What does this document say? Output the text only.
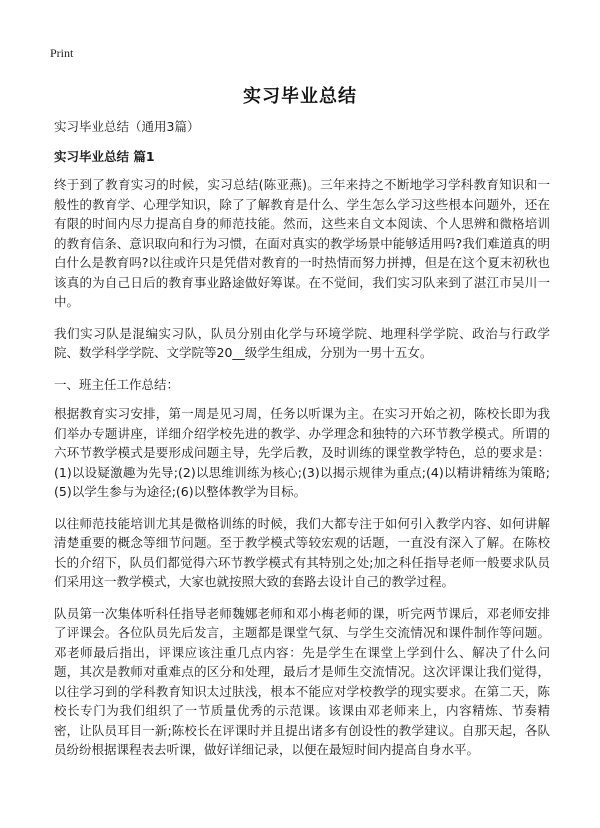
Print
实习毕业总结

实习毕业总结（通用3篇）

实习毕业总结 篇1

终于到了教育实习的时候，实习总结(陈亚燕)。三年来持之不断地学习学科教育知识和一般性的教育学、心理学知识，除了了解教育是什么、学生怎么学习这些根本问题外，还在有限的时间内尽力提高自身的师范技能。然而，这些来自文本阅读、个人思辨和微格培训的教育信条、意识取向和行为习惯，在面对真实的教学场景中能够适用吗?我们难道真的明白什么是教育吗?以往或许只是凭借对教育的一时热情而努力拼搏，但是在这个夏末初秋也该真的为自己日后的教育事业路途做好筹谋。在不觉间，我们实习队来到了湛江市吴川一中。

我们实习队是混编实习队，队员分别由化学与环境学院、地理科学学院、政治与行政学院、数学科学学院、文学院等20__级学生组成，分别为一男十五女。

一、班主任工作总结：

根据教育实习安排，第一周是见习周，任务以听课为主。在实习开始之初，陈校长即为我们举办专题讲座，详细介绍学校先进的教学、办学理念和独特的六环节教学模式。所谓的六环节教学模式是要形成问题主导，先学后教，及时训练的课堂教学特色，总的要求是：(1)以设疑激趣为先导;(2)以思维训练为核心;(3)以揭示规律为重点;(4)以精讲精练为策略;(5)以学生参与为途径;(6)以整体教学为目标。

以往师范技能培训尤其是微格训练的时候，我们大都专注于如何引入教学内容、如何讲解清楚重要的概念等细节问题。至于教学模式等较宏观的话题，一直没有深入了解。在陈校长的介绍下，队员们都觉得六环节教学模式有其特别之处;加之科任指导老师一般要求队员们采用这一教学模式，大家也就按照大致的套路去设计自己的教学过程。

队员第一次集体听科任指导老师魏娜老师和邓小梅老师的课，听完两节课后，邓老师安排了评课会。各位队员先后发言，主题都是课堂气氛、与学生交流情况和课件制作等问题。邓老师最后指出，评课应该注重几点内容：先是学生在课堂上学到什么、解决了什么问题，其次是教师对重难点的区分和处理，最后才是师生交流情况。这次评课让我们觉得，以往学习到的学科教育知识太过肤浅，根本不能应对学校教学的现实要求。在第二天，陈校长专门为我们组织了一节质量优秀的示范课。该课由邓老师来上，内容精炼、节奏精密，让队员耳目一新;陈校长在评课时并且提出诸多有创设性的教学建议。自那天起，各队员纷纷根据课程表去听课，做好详细记录，以便在最短时间内提高自身水平。
